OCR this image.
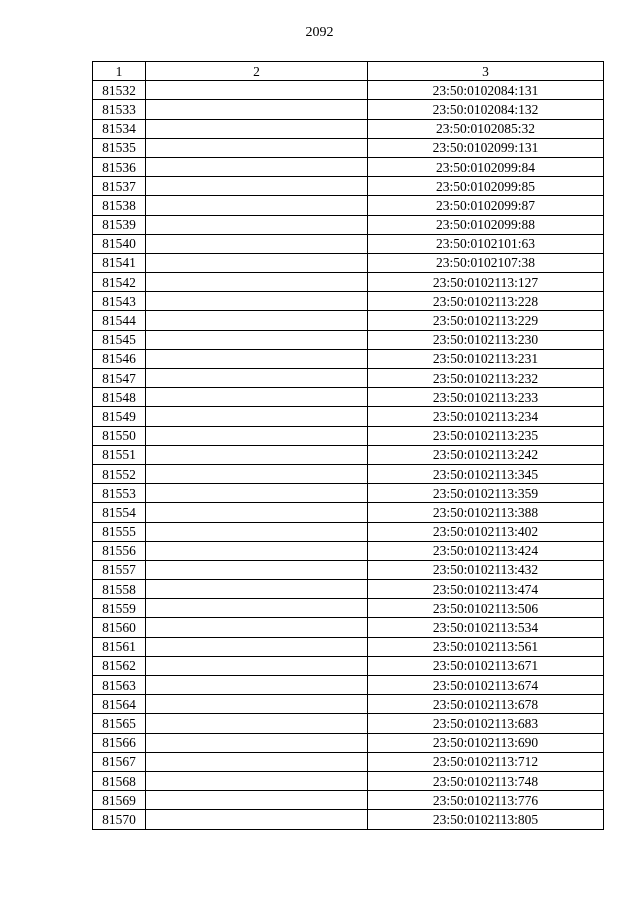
2092
1	2	3
81532		23:50:0102084:131
81533		23:50:0102084:132
81534		23:50:0102085:32
81535		23:50:0102099:131
81536		23:50:0102099:84
81537		23:50:0102099:85
81538		23:50:0102099:87
81539		23:50:0102099:88
81540		23:50:0102101:63
81541		23:50:0102107:38
81542		23:50:0102113:127
81543		23:50:0102113:228
81544		23:50:0102113:229
81545		23:50:0102113:230
81546		23:50:0102113:231
81547		23:50:0102113:232
81548		23:50:0102113:233
81549		23:50:0102113:234
81550		23:50:0102113:235
81551		23:50:0102113:242
81552		23:50:0102113:345
81553		23:50:0102113:359
81554		23:50:0102113:388
81555		23:50:0102113:402
81556		23:50:0102113:424
81557		23:50:0102113:432
81558		23:50:0102113:474
81559		23:50:0102113:506
81560		23:50:0102113:534
81561		23:50:0102113:561
81562		23:50:0102113:671
81563		23:50:0102113:674
81564		23:50:0102113:678
81565		23:50:0102113:683
81566		23:50:0102113:690
81567		23:50:0102113:712
81568		23:50:0102113:748
81569		23:50:0102113:776
81570		23:50:0102113:805
